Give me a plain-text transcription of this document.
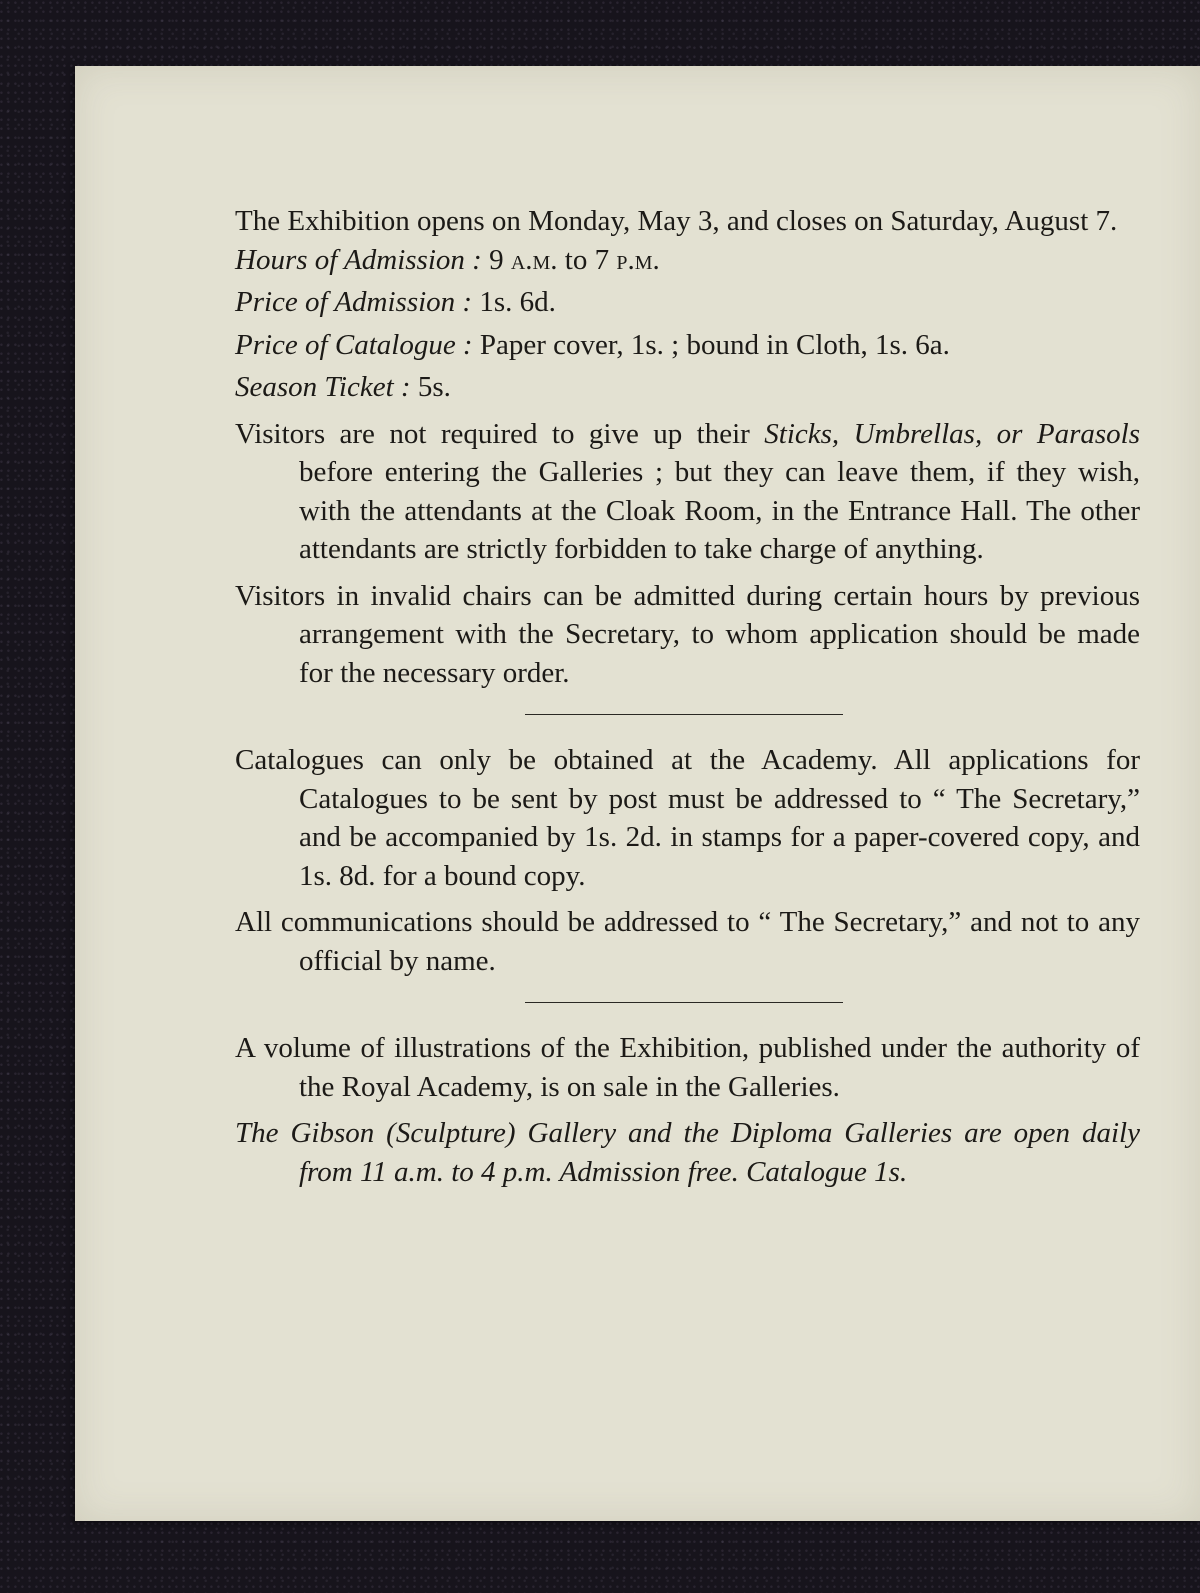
The Exhibition opens on Monday, May 3, and closes on Saturday, August 7.

Hours of Admission : 9 a.m. to 7 p.m.

Price of Admission : 1s. 6d.

Price of Catalogue : Paper cover, 1s. ; bound in Cloth, 1s. 6a.

Season Ticket : 5s.

Visitors are not required to give up their Sticks, Umbrellas, or Parasols before entering the Galleries ; but they can leave them, if they wish, with the attendants at the Cloak Room, in the Entrance Hall. The other attendants are strictly forbidden to take charge of anything.

Visitors in invalid chairs can be admitted during certain hours by previous arrangement with the Secretary, to whom application should be made for the necessary order.

Catalogues can only be obtained at the Academy. All applications for Catalogues to be sent by post must be addressed to “ The Secretary,” and be accompanied by 1s. 2d. in stamps for a paper-covered copy, and 1s. 8d. for a bound copy.

All communications should be addressed to “ The Secretary,” and not to any official by name.

A volume of illustrations of the Exhibition, published under the authority of the Royal Academy, is on sale in the Galleries.

The Gibson (Sculpture) Gallery and the Diploma Galleries are open daily from 11 a.m. to 4 p.m. Admission free. Catalogue 1s.
